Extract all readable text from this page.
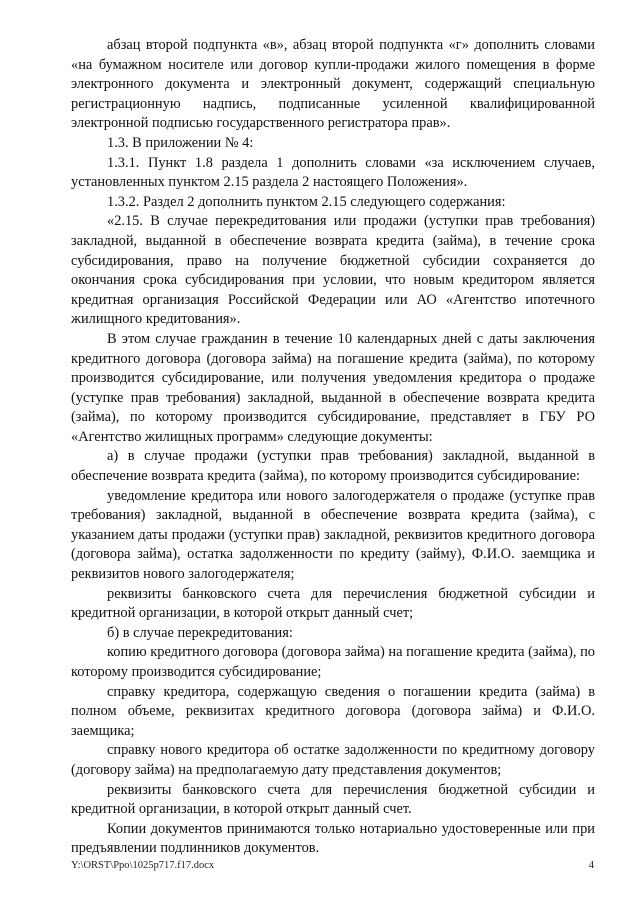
абзац второй подпункта «в», абзац второй подпункта «г» дополнить словами «на бумажном носителе или договор купли-продажи жилого помещения в форме электронного документа и электронный документ, содержащий специальную регистрационную надпись, подписанные усиленной квалифицированной электронной подписью государственного регистратора прав».

1.3. В приложении № 4:

1.3.1. Пункт 1.8 раздела 1 дополнить словами «за исключением случаев, установленных пунктом 2.15 раздела 2 настоящего Положения».

1.3.2. Раздел 2 дополнить пунктом 2.15 следующего содержания:

«2.15. В случае перекредитования или продажи (уступки прав требования) закладной, выданной в обеспечение возврата кредита (займа), в течение срока субсидирования, право на получение бюджетной субсидии сохраняется до окончания срока субсидирования при условии, что новым кредитором является кредитная организация Российской Федерации или АО «Агентство ипотечного жилищного кредитования».

В этом случае гражданин в течение 10 календарных дней с даты заключения кредитного договора (договора займа) на погашение кредита (займа), по которому производится субсидирование, или получения уведомления кредитора о продаже (уступке прав требования) закладной, выданной в обеспечение возврата кредита (займа), по которому производится субсидирование, представляет в ГБУ РО «Агентство жилищных программ» следующие документы:

а) в случае продажи (уступки прав требования) закладной, выданной в обеспечение возврата кредита (займа), по которому производится субсидирование:

уведомление кредитора или нового залогодержателя о продаже (уступке прав требования) закладной, выданной в обеспечение возврата кредита (займа), с указанием даты продажи (уступки прав) закладной, реквизитов кредитного договора (договора займа), остатка задолженности по кредиту (займу), Ф.И.О. заемщика и реквизитов нового залогодержателя;

реквизиты банковского счета для перечисления бюджетной субсидии и кредитной организации, в которой открыт данный счет;

б) в случае перекредитования:

копию кредитного договора (договора займа) на погашение кредита (займа), по которому производится субсидирование;

справку кредитора, содержащую сведения о погашении кредита (займа) в полном объеме, реквизитах кредитного договора (договора займа) и Ф.И.О. заемщика;

справку нового кредитора об остатке задолженности по кредитному договору (договору займа) на предполагаемую дату представления документов;

реквизиты банковского счета для перечисления бюджетной субсидии и кредитной организации, в которой открыт данный счет.

Копии документов принимаются только нотариально удостоверенные или при предъявлении подлинников документов.

Y:\ORST\Ppo\1025p717.f17.docx	4
